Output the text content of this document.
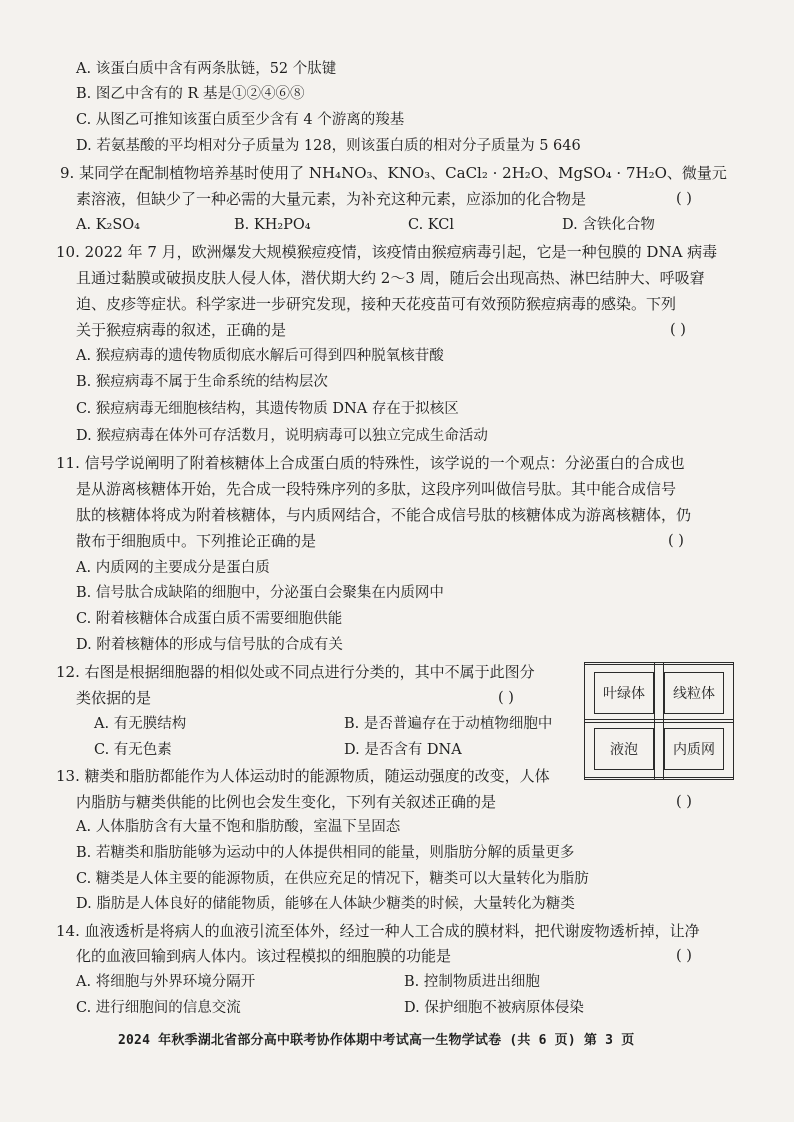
A. 该蛋白质中含有两条肽链，52 个肽键
B. 图乙中含有的 R 基是①②④⑥⑧
C. 从图乙可推知该蛋白质至少含有 4 个游离的羧基
D. 若氨基酸的平均相对分子质量为 128，则该蛋白质的相对分子质量为 5 646
9. 某同学在配制植物培养基时使用了 NH₄NO₃、KNO₃、CaCl₂ · 2H₂O、MgSO₄ · 7H₂O、微量元
素溶液，但缺少了一种必需的大量元素，为补充这种元素，应添加的化合物是	( )
A. K₂SO₄	B. KH₂PO₄	C. KCl	D. 含铁化合物
10. 2022 年 7 月，欧洲爆发大规模猴痘疫情，该疫情由猴痘病毒引起，它是一种包膜的 DNA 病毒
且通过黏膜或破损皮肤人侵人体，潜伏期大约 2～3 周，随后会出现高热、淋巴结肿大、呼吸窘
迫、皮疹等症状。科学家进一步研究发现，接种天花疫苗可有效预防猴痘病毒的感染。下列
关于猴痘病毒的叙述，正确的是	( )
A. 猴痘病毒的遗传物质彻底水解后可得到四种脱氧核苷酸
B. 猴痘病毒不属于生命系统的结构层次
C. 猴痘病毒无细胞核结构，其遗传物质 DNA 存在于拟核区
D. 猴痘病毒在体外可存活数月，说明病毒可以独立完成生命活动
11. 信号学说阐明了附着核糖体上合成蛋白质的特殊性，该学说的一个观点：分泌蛋白的合成也
是从游离核糖体开始，先合成一段特殊序列的多肽，这段序列叫做信号肽。其中能合成信号
肽的核糖体将成为附着核糖体，与内质网结合，不能合成信号肽的核糖体成为游离核糖体，仍
散布于细胞质中。下列推论正确的是	( )
A. 内质网的主要成分是蛋白质
B. 信号肽合成缺陷的细胞中，分泌蛋白会聚集在内质网中
C. 附着核糖体合成蛋白质不需要细胞供能
D. 附着核糖体的形成与信号肽的合成有关
12. 右图是根据细胞器的相似处或不同点进行分类的，其中不属于此图分
类依据的是	( )
A. 有无膜结构	B. 是否普遍存在于动植物细胞中
C. 有无色素	D. 是否含有 DNA
叶绿体	线粒体
液泡	内质网
13. 糖类和脂肪都能作为人体运动时的能源物质，随运动强度的改变，人体
内脂肪与糖类供能的比例也会发生变化，下列有关叙述正确的是	( )
A. 人体脂肪含有大量不饱和脂肪酸，室温下呈固态
B. 若糖类和脂肪能够为运动中的人体提供相同的能量，则脂肪分解的质量更多
C. 糖类是人体主要的能源物质，在供应充足的情况下，糖类可以大量转化为脂肪
D. 脂肪是人体良好的储能物质，能够在人体缺少糖类的时候，大量转化为糖类
14. 血液透析是将病人的血液引流至体外，经过一种人工合成的膜材料，把代谢废物透析掉，让净
化的血液回输到病人体内。该过程模拟的细胞膜的功能是	( )
A. 将细胞与外界环境分隔开	B. 控制物质进出细胞
C. 进行细胞间的信息交流	D. 保护细胞不被病原体侵染
2024 年秋季湖北省部分高中联考协作体期中考试高一生物学试卷 (共 6 页) 第 3 页
